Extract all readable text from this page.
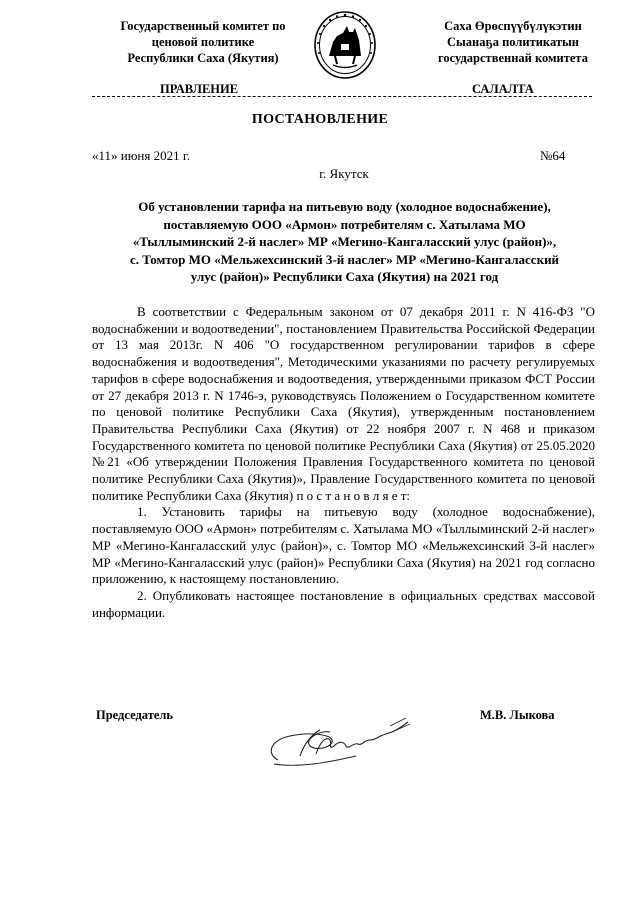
Государственный комитет по
ценовой политике
Республики Саха (Якутия)
Саха Өрөспүүбүлүкэтин
Сыанаҕа политикатын
государственнай комитета
ПРАВЛЕНИЕ	САЛАЛТА
ПОСТАНОВЛЕНИЕ
«11» июня 2021 г.	№64
г. Якутск
Об установлении тарифа на питьевую воду (холодное водоснабжение),
поставляемую ООО «Армон» потребителям с. Хатылама МО
«Тыллыминский 2-й наслег» МР «Мегино-Кангаласский улус (район)»,
с. Томтор МО «Мельжехсинский 3-й наслег» МР «Мегино-Кангаласский
улус (район)» Республики Саха (Якутия) на 2021 год

В соответствии с Федеральным законом от 07 декабря 2011 г. N 416-ФЗ "О водоснабжении и водоотведении", постановлением Правительства Российской Федерации от 13 мая 2013г. N 406 "О государственном регулировании тарифов в сфере водоснабжения и водоотведения", Методическими указаниями по расчету регулируемых тарифов в сфере водоснабжения и водоотведения, утвержденными приказом ФСТ России от 27 декабря 2013 г. N 1746-э, руководствуясь Положением о Государственном комитете по ценовой политике Республики Саха (Якутия), утвержденным постановлением Правительства Республики Саха (Якутия) от 22 ноября 2007 г. N 468 и приказом Государственного комитета по ценовой политике Республики Саха (Якутия) от 25.05.2020 №21 «Об утверждении Положения Правления Государственного комитета по ценовой политике Республики Саха (Якутия)», Правление Государственного комитета по ценовой политике Республики Саха (Якутия) п о с т а н о в л я е т:

1. Установить тарифы на питьевую воду (холодное водоснабжение), поставляемую ООО «Армон» потребителям с. Хатылама МО «Тыллыминский 2-й наслег» МР «Мегино-Кангаласский улус (район)», с. Томтор МО «Мельжехсинский 3-й наслег» МР «Мегино-Кангаласский улус (район)» Республики Саха (Якутия) на 2021 год согласно приложению, к настоящему постановлению.

2. Опубликовать настоящее постановление в официальных средствах массовой информации.

Председатель	М.В. Лыкова
